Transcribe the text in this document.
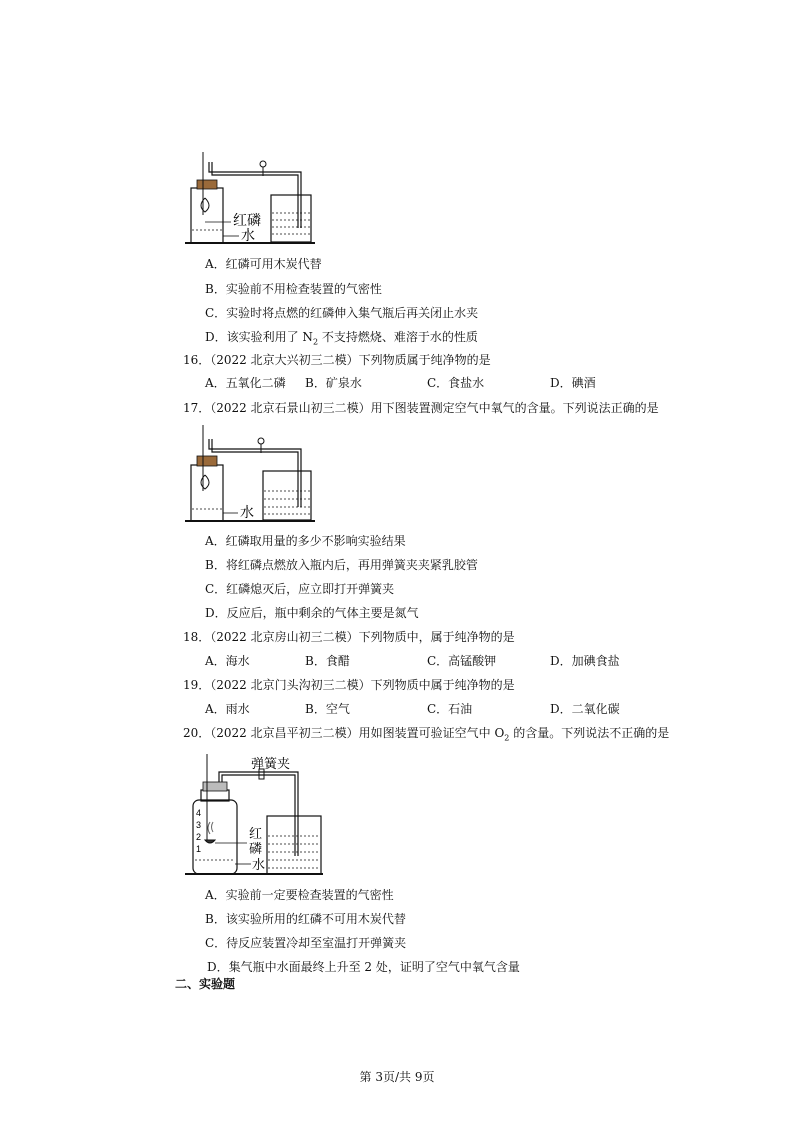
红磷
水
A．红磷可用木炭代替
B．实验前不用检查装置的气密性
C．实验时将点燃的红磷伸入集气瓶后再关闭止水夹
D．该实验利用了 $N_2$ 不支持燃烧、难溶于水的性质
16．（2022 北京大兴初三二模）下列物质属于纯净物的是
A．五氧化二磷 B．矿泉水	C．食盐水	D．碘酒
17．（2022 北京石景山初三二模）用下图装置测定空气中氧气的含量。下列说法正确的是
水
A．红磷取用量的多少不影响实验结果
B．将红磷点燃放入瓶内后，再用弹簧夹夹紧乳胶管
C．红磷熄灭后，应立即打开弹簧夹
D．反应后，瓶中剩余的气体主要是氮气
18．（2022 北京房山初三二模）下列物质中，属于纯净物的是
A．海水	B．食醋	C．高锰酸钾	D．加碘食盐
19．（2022 北京门头沟初三二模）下列物质中属于纯净物的是
A．雨水	B．空气	C．石油	D．二氧化碳
20．（2022 北京昌平初三二模）用如图装置可验证空气中 $O_2$ 的含量。下列说法不正确的是
弹簧夹
4
3
2
1
红
磷
水
A．实验前一定要检查装置的气密性
B．该实验所用的红磷不可用木炭代替
C．待反应装置冷却至室温打开弹簧夹
D．集气瓶中水面最终上升至 2 处，证明了空气中氧气含量
二、实验题
第 3页/共 9页
